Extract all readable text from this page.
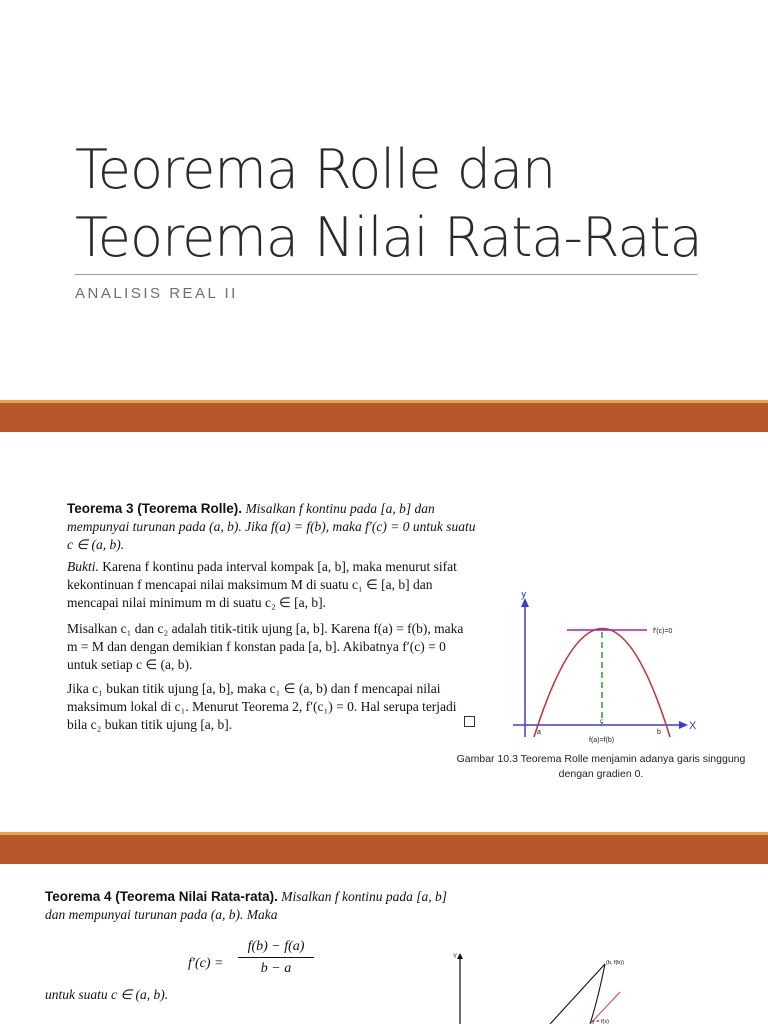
Teorema Rolle dan
Teorema Nilai Rata-Rata
ANALISIS REAL II

Teorema 3 (Teorema Rolle). Misalkan f kontinu pada [a, b] dan mempunyai turunan pada (a, b). Jika f(a) = f(b), maka f′(c) = 0 untuk suatu c ∈ (a, b).

Bukti. Karena f kontinu pada interval kompak [a, b], maka menurut sifat kekontinuan f mencapai nilai maksimum M di suatu c₁ ∈ [a, b] dan mencapai nilai minimum m di suatu c₂ ∈ [a, b].

Misalkan c₁ dan c₂ adalah titik-titik ujung [a, b]. Karena f(a) = f(b), maka m = M dan dengan demikian f konstan pada [a, b]. Akibatnya f′(c) = 0 untuk setiap c ∈ (a, b).

Jika c₁ bukan titik ujung [a, b], maka c₁ ∈ (a, b) dan f mencapai nilai maksimum lokal di c₁. Menurut Teorema 2, f′(c₁) = 0. Hal serupa terjadi bila c₂ bukan titik ujung [a, b].

y
X
f'(c)=0
a	b
c
f(a)=f(b)
Gambar 10.3 Teorema Rolle menjamin adanya garis singgung
dengan gradien 0.

Teorema 4 (Teorema Nilai Rata-rata). Misalkan f kontinu pada [a, b] dan mempunyai turunan pada (a, b). Maka

f′(c) =
f(b) − f(a)
b − a

untuk suatu c ∈ (a, b).

Y
(b, f(b))
y = f(x)
